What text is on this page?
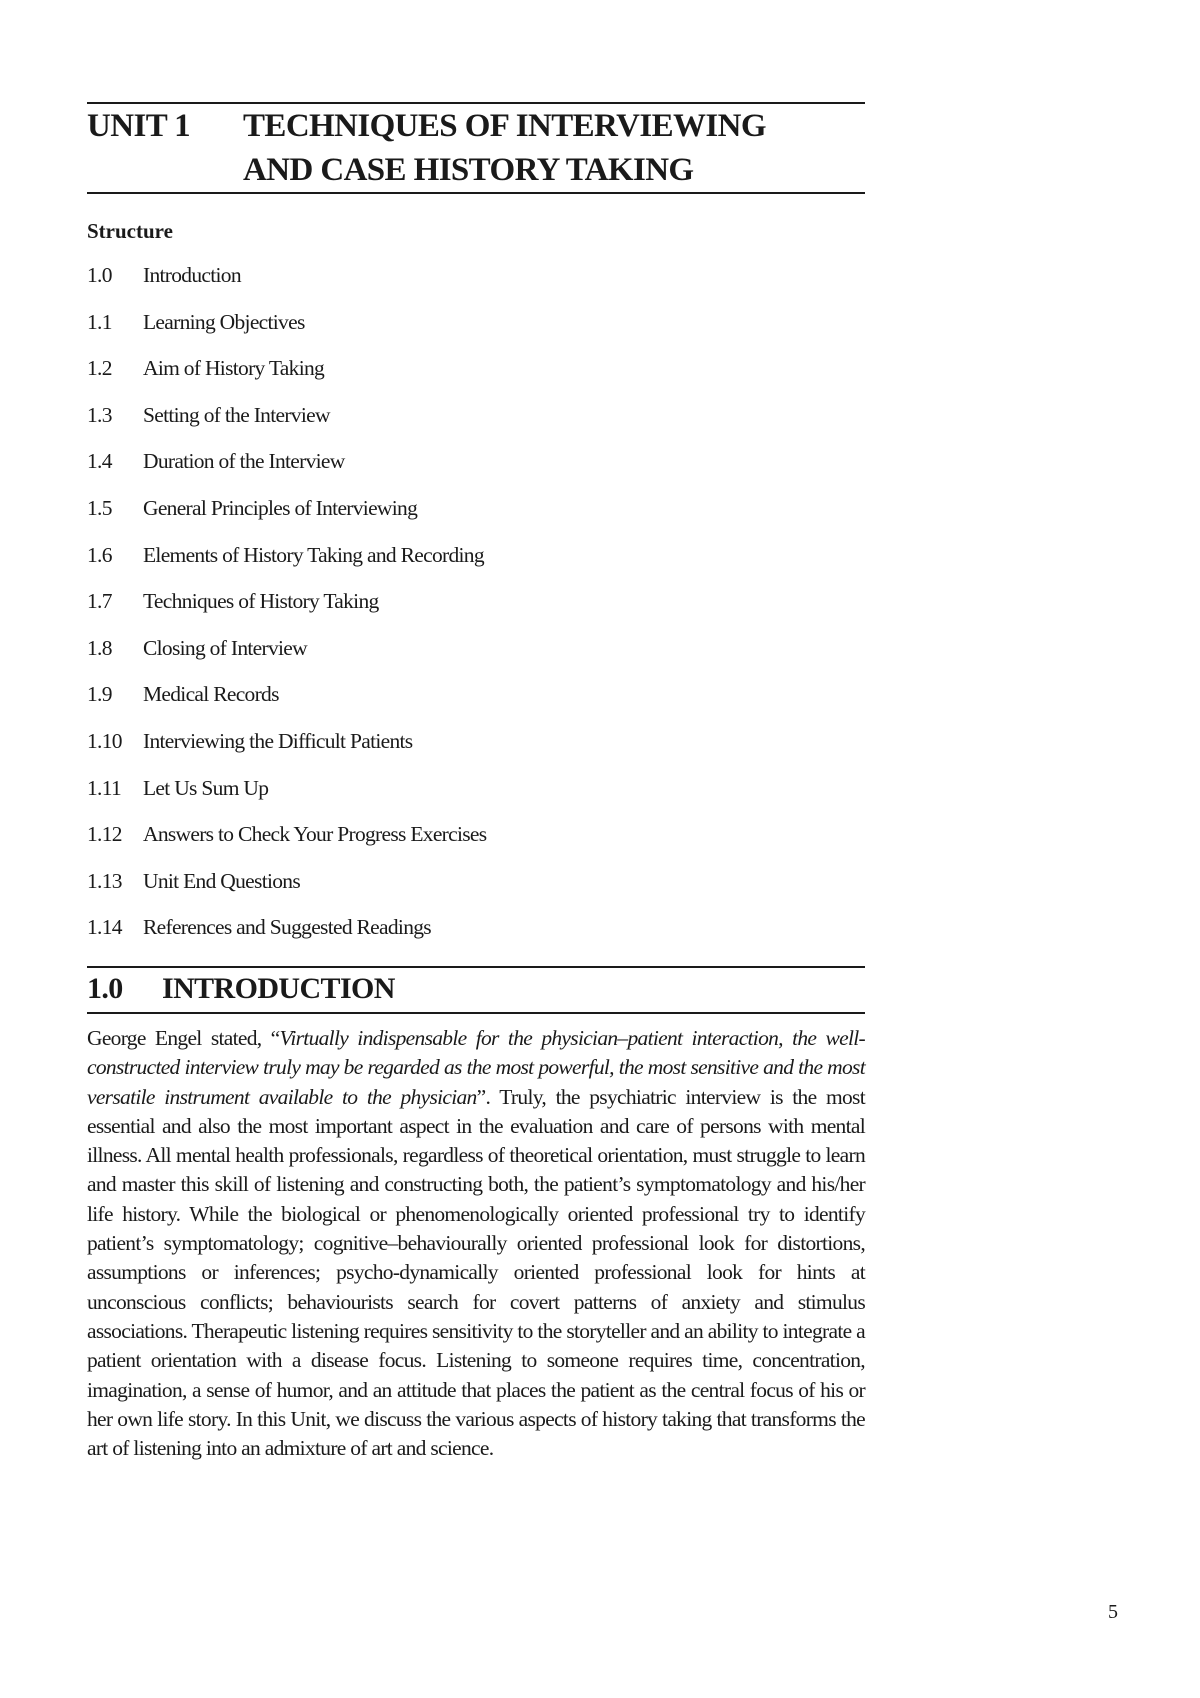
UNIT 1	TECHNIQUES OF INTERVIEWING
AND CASE HISTORY TAKING
Structure
1.0	Introduction
1.1	Learning Objectives
1.2	Aim of History Taking
1.3	Setting of the Interview
1.4	Duration of the Interview
1.5	General Principles of Interviewing
1.6	Elements of History Taking and Recording
1.7	Techniques of History Taking
1.8	Closing of Interview
1.9	Medical Records
1.10 Interviewing the Difficult Patients
1.11	Let Us Sum Up
1.12 Answers to Check Your Progress Exercises
1.13 Unit End Questions
1.14 References and Suggested Readings
1.0	INTRODUCTION

George Engel stated, “Virtually indispensable for the physician–patient interaction, the well-constructed interview truly may be regarded as the most powerful, the most sensitive and the most versatile instrument available to the physician”. Truly, the psychiatric interview is the most essential and also the most important aspect in the evaluation and care of persons with mental illness. All mental health professionals, regardless of theoretical orientation, must struggle to learn and master this skill of listening and constructing both, the patient’s symptomatology and his/her life history. While the biological or phenomenologically oriented professional try to identify patient’s symptomatology; cognitive–behaviourally oriented professional look for distortions, assumptions or inferences; psycho-dynamically oriented professional look for hints at unconscious conflicts; behaviourists search for covert patterns of anxiety and stimulus associations. Therapeutic listening requires sensitivity to the storyteller and an ability to integrate a patient orientation with a disease focus. Listening to someone requires time, concentration, imagination, a sense of humor, and an attitude that places the patient as the central focus of his or her own life story. In this Unit, we discuss the various aspects of history taking that transforms the art of listening into an admixture of art and science.

5
